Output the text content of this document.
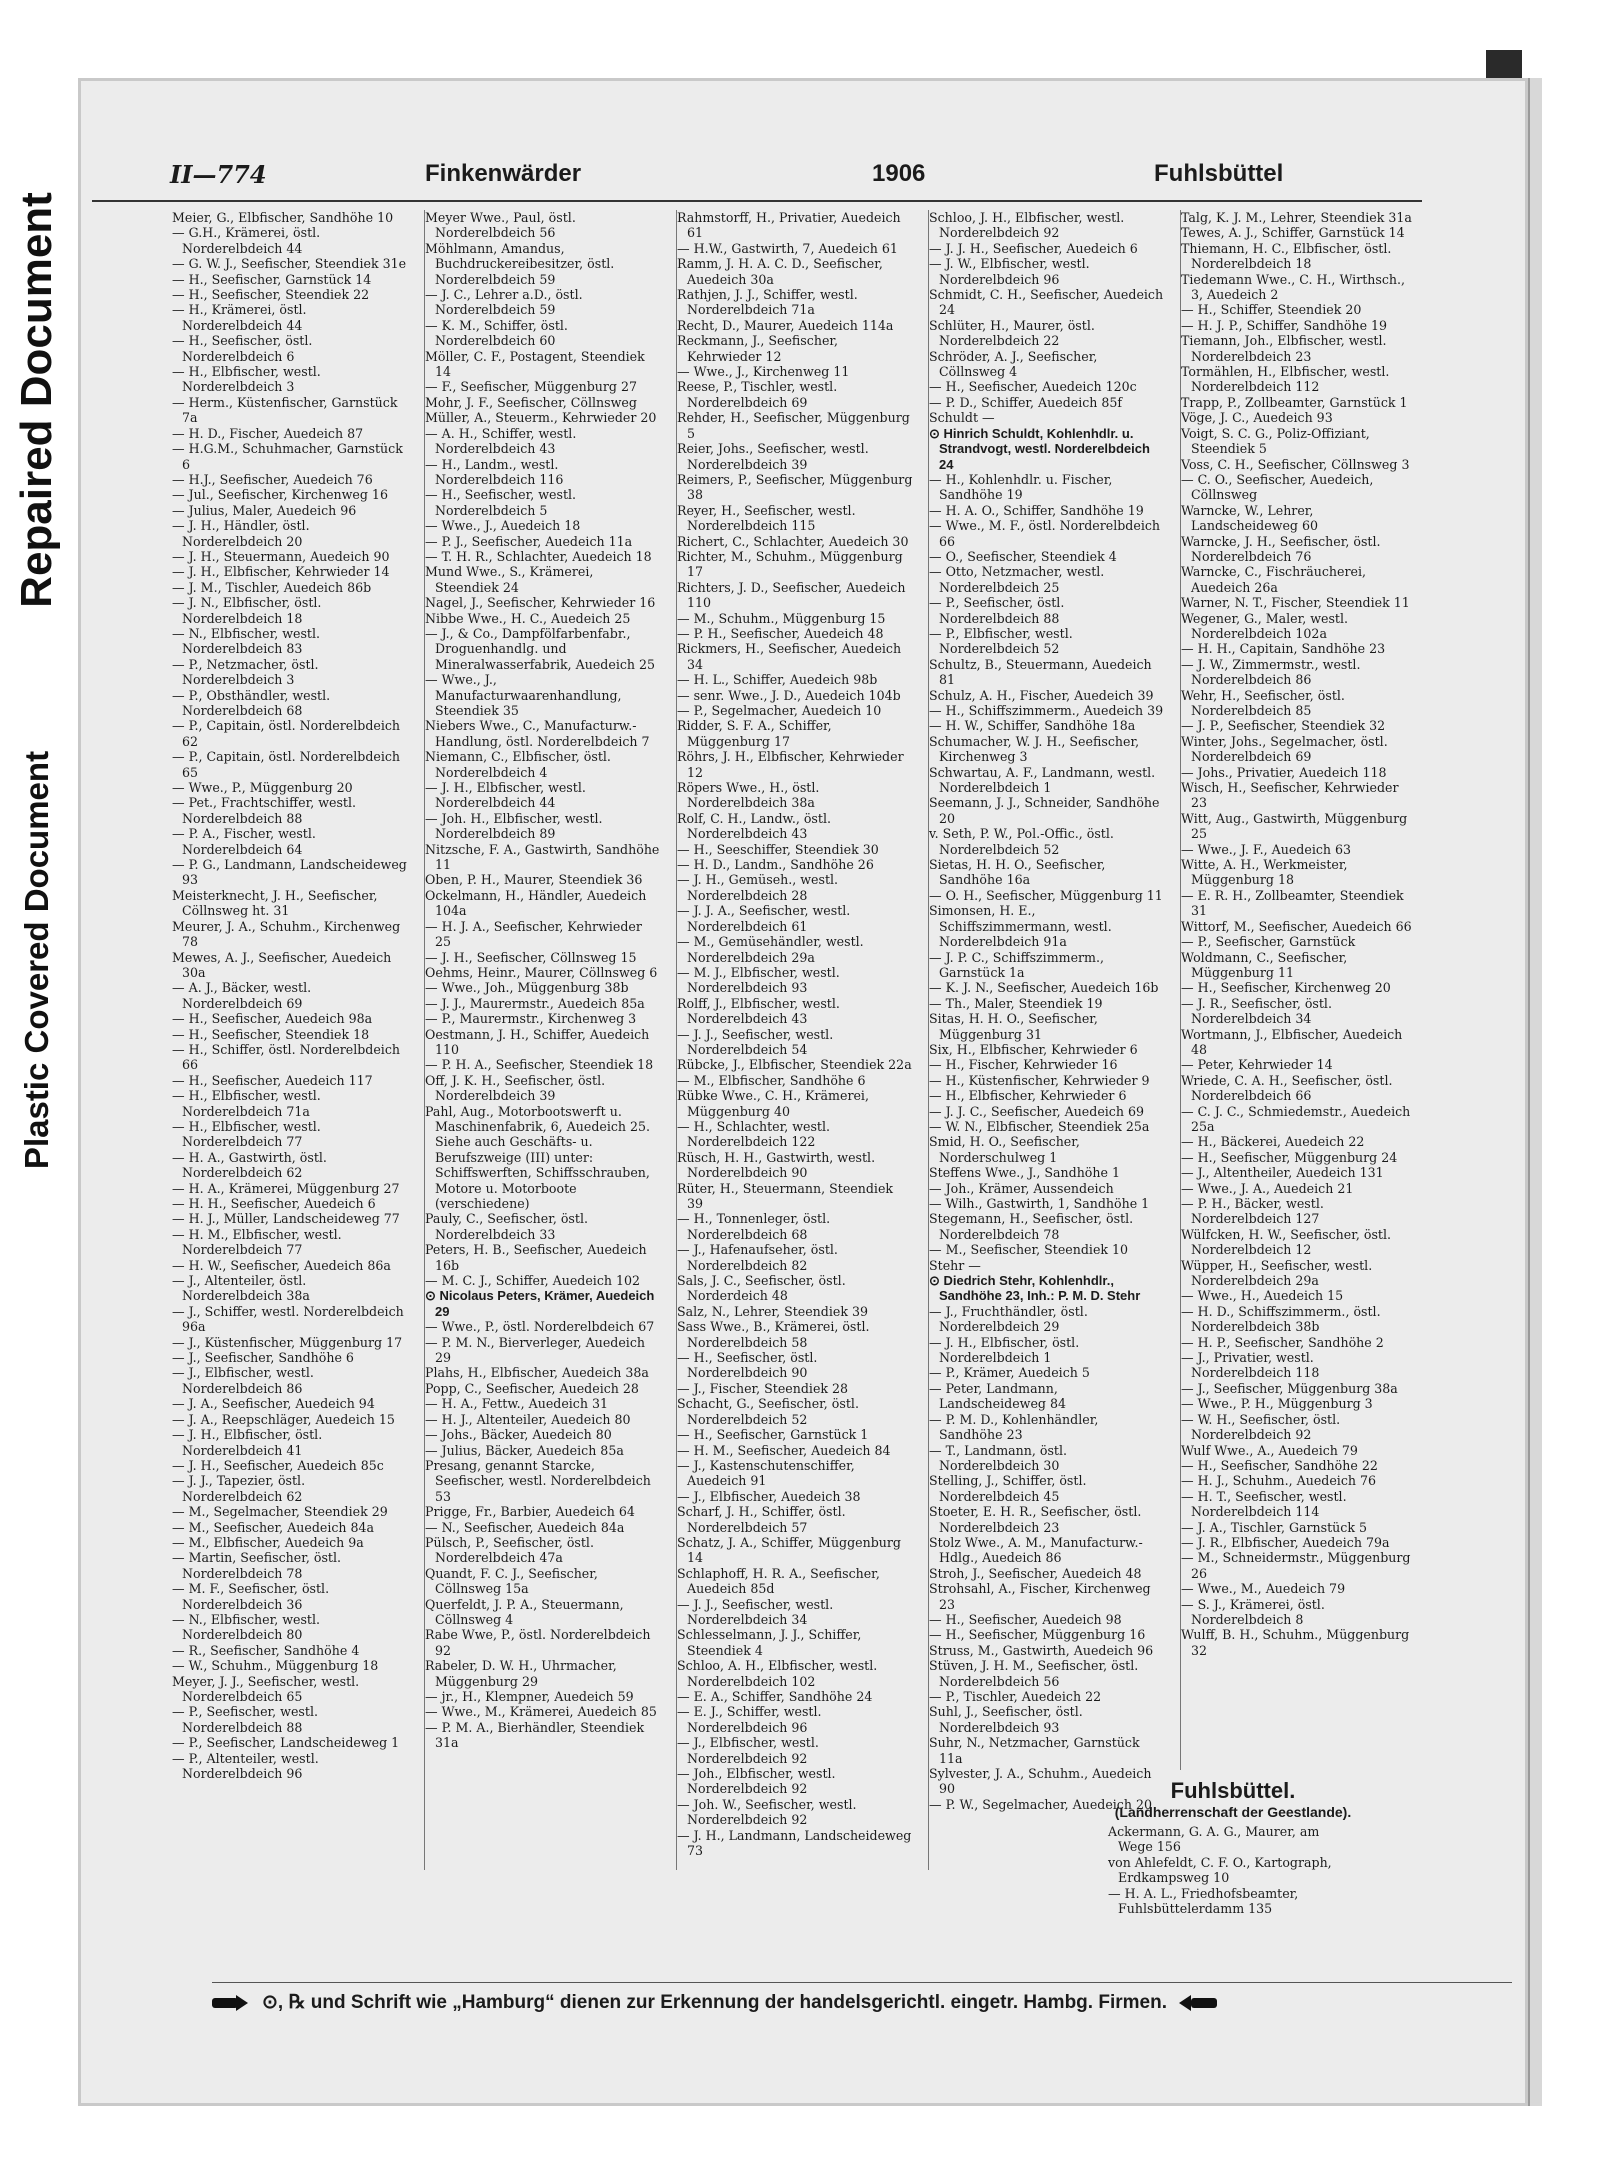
Repaired Document
Plastic Covered Document
II—774	Finkenwärder	1906	Fuhlsbüttel

Meier, G., Elbfischer, Sandhöhe 10

— G.H., Krämerei, östl. Norderelbdeich 44

— G. W. J., Seefischer, Steendiek 31e

— H., Seefischer, Garnstück 14

— H., Seefischer, Steendiek 22

— H., Krämerei, östl. Norderelbdeich 44

— H., Seefischer, östl. Norderelbdeich 6

— H., Elbfischer, westl. Norderelbdeich 3

— Herm., Küstenfischer, Garnstück 7a

— H. D., Fischer, Auedeich 87

— H.G.M., Schuhmacher, Garnstück 6

— H.J., Seefischer, Auedeich 76

— Jul., Seefischer, Kirchenweg 16

— Julius, Maler, Auedeich 96

— J. H., Händler, östl. Norderelbdeich 20

— J. H., Steuermann, Auedeich 90

— J. H., Elbfischer, Kehrwieder 14

— J. M., Tischler, Auedeich 86b

— J. N., Elbfischer, östl. Norderelbdeich 18

— N., Elbfischer, westl. Norderelbdeich 83

— P., Netzmacher, östl. Norderelbdeich 3

— P., Obsthändler, westl. Norderelbdeich 68

— P., Capitain, östl. Norderelbdeich 62

— P., Capitain, östl. Norderelbdeich 65

— Wwe., P., Müggenburg 20

— Pet., Frachtschiffer, westl. Norderelbdeich 88

— P. A., Fischer, westl. Norderelbdeich 64

— P. G., Landmann, Landscheideweg 93

Meisterknecht, J. H., Seefischer, Cöllnsweg ht. 31

Meurer, J. A., Schuhm., Kirchenweg 78

Mewes, A. J., Seefischer, Auedeich 30a

— A. J., Bäcker, westl. Norderelbdeich 69

— H., Seefischer, Auedeich 98a

— H., Seefischer, Steendiek 18

— H., Schiffer, östl. Norderelbdeich 66

— H., Seefischer, Auedeich 117

— H., Elbfischer, westl. Norderelbdeich 71a

— H., Elbfischer, westl. Norderelbdeich 77

— H. A., Gastwirth, östl. Norderelbdeich 62

— H. A., Krämerei, Müggenburg 27

— H. H., Seefischer, Auedeich 6

— H. J., Müller, Landscheideweg 77

— H. M., Elbfischer, westl. Norderelbdeich 77

— H. W., Seefischer, Auedeich 86a

— J., Altenteiler, östl. Norderelbdeich 38a

— J., Schiffer, westl. Norderelbdeich 96a

— J., Küstenfischer, Müggenburg 17

— J., Seefischer, Sandhöhe 6

— J., Elbfischer, westl. Norderelbdeich 86

— J. A., Seefischer, Auedeich 94

— J. A., Reepschläger, Auedeich 15

— J. H., Elbfischer, östl. Norderelbdeich 41

— J. H., Seefischer, Auedeich 85c

— J. J., Tapezier, östl. Norderelbdeich 62

— M., Segelmacher, Steendiek 29

— M., Seefischer, Auedeich 84a

— M., Elbfischer, Auedeich 9a

— Martin, Seefischer, östl. Norderelbdeich 78

— M. F., Seefischer, östl. Norderelbdeich 36

— N., Elbfischer, westl. Norderelbdeich 80

— R., Seefischer, Sandhöhe 4

— W., Schuhm., Müggenburg 18

Meyer, J. J., Seefischer, westl. Norderelbdeich 65

— P., Seefischer, westl. Norderelbdeich 88

— P., Seefischer, Landscheideweg 1

— P., Altenteiler, westl. Norderelbdeich 96

Meyer Wwe., Paul, östl. Norderelbdeich 56

Möhlmann, Amandus, Buchdruckereibesitzer, östl. Norderelbdeich 59

— J. C., Lehrer a.D., östl. Norderelbdeich 59

— K. M., Schiffer, östl. Norderelbdeich 60

Möller, C. F., Postagent, Steendiek 14

— F., Seefischer, Müggenburg 27

Mohr, J. F., Seefischer, Cöllnsweg

Müller, A., Steuerm., Kehrwieder 20

— A. H., Schiffer, westl. Norderelbdeich 43

— H., Landm., westl. Norderelbdeich 116

— H., Seefischer, westl. Norderelbdeich 5

— Wwe., J., Auedeich 18

— P. J., Seefischer, Auedeich 11a

— T. H. R., Schlachter, Auedeich 18

Mund Wwe., S., Krämerei, Steendiek 24

Nagel, J., Seefischer, Kehrwieder 16

Nibbe Wwe., H. C., Auedeich 25

— J., & Co., Dampfölfarbenfabr., Droguenhandlg. und Mineralwasserfabrik, Auedeich 25

— Wwe., J., Manufacturwaarenhandlung, Steendiek 35

Niebers Wwe., C., Manufacturw.-Handlung, östl. Norderelbdeich 7

Niemann, C., Elbfischer, östl. Norderelbdeich 4

— J. H., Elbfischer, westl. Norderelbdeich 44

— Joh. H., Elbfischer, westl. Norderelbdeich 89

Nitzsche, F. A., Gastwirth, Sandhöhe 11

Oben, P. H., Maurer, Steendiek 36

Ockelmann, H., Händler, Auedeich 104a

— H. J. A., Seefischer, Kehrwieder 25

— J. H., Seefischer, Cöllnsweg 15

Oehms, Heinr., Maurer, Cöllnsweg 6

— Wwe., Joh., Müggenburg 38b

— J. J., Maurermstr., Auedeich 85a

— P., Maurermstr., Kirchenweg 3

Oestmann, J. H., Schiffer, Auedeich 110

— P. H. A., Seefischer, Steendiek 18

Off, J. K. H., Seefischer, östl. Norderelbdeich 39

Pahl, Aug., Motorbootswerft u. Maschinenfabrik, 6, Auedeich 25. Siehe auch Geschäfts- u. Berufszweige (III) unter: Schiffswerften, Schiffsschrauben, Motore u. Motorboote (verschiedene)

Pauly, C., Seefischer, östl. Norderelbdeich 33

Peters, H. B., Seefischer, Auedeich 16b

— M. C. J., Schiffer, Auedeich 102

⊙ Nicolaus Peters, Krämer, Auedeich 29

— Wwe., P., östl. Norderelbdeich 67

— P. M. N., Bierverleger, Auedeich 29

Plahs, H., Elbfischer, Auedeich 38a

Popp, C., Seefischer, Auedeich 28

— H. A., Fettw., Auedeich 31

— H. J., Altenteiler, Auedeich 80

— Johs., Bäcker, Auedeich 80

— Julius, Bäcker, Auedeich 85a

Presang, genannt Starcke, Seefischer, westl. Norderelbdeich 53

Prigge, Fr., Barbier, Auedeich 64

— N., Seefischer, Auedeich 84a

Pülsch, P., Seefischer, östl. Norderelbdeich 47a

Quandt, F. C. J., Seefischer, Cöllnsweg 15a

Querfeldt, J. P. A., Steuermann, Cöllnsweg 4

Rabe Wwe, P., östl. Norderelbdeich 92

Rabeler, D. W. H., Uhrmacher, Müggenburg 29

— jr., H., Klempner, Auedeich 59

— Wwe., M., Krämerei, Auedeich 85

— P. M. A., Bierhändler, Steendiek 31a

Rahmstorff, H., Privatier, Auedeich 61

— H.W., Gastwirth, 7, Auedeich 61

Ramm, J. H. A. C. D., Seefischer, Auedeich 30a

Rathjen, J. J., Schiffer, westl. Norderelbdeich 71a

Recht, D., Maurer, Auedeich 114a

Reckmann, J., Seefischer, Kehrwieder 12

— Wwe., J., Kirchenweg 11

Reese, P., Tischler, westl. Norderelbdeich 69

Rehder, H., Seefischer, Müggenburg 5

Reier, Johs., Seefischer, westl. Norderelbdeich 39

Reimers, P., Seefischer, Müggenburg 38

Reyer, H., Seefischer, westl. Norderelbdeich 115

Richert, C., Schlachter, Auedeich 30

Richter, M., Schuhm., Müggenburg 17

Richters, J. D., Seefischer, Auedeich 110

— M., Schuhm., Müggenburg 15

— P. H., Seefischer, Auedeich 48

Rickmers, H., Seefischer, Auedeich 34

— H. L., Schiffer, Auedeich 98b

— senr. Wwe., J. D., Auedeich 104b

— P., Segelmacher, Auedeich 10

Ridder, S. F. A., Schiffer, Müggenburg 17

Röhrs, J. H., Elbfischer, Kehrwieder 12

Röpers Wwe., H., östl. Norderelbdeich 38a

Rolf, C. H., Landw., östl. Norderelbdeich 43

— H., Seeschiffer, Steendiek 30

— H. D., Landm., Sandhöhe 26

— J. H., Gemüseh., westl. Norderelbdeich 28

— J. J. A., Seefischer, westl. Norderelbdeich 61

— M., Gemüsehändler, westl. Norderelbdeich 29a

— M. J., Elbfischer, westl. Norderelbdeich 93

Rolff, J., Elbfischer, westl. Norderelbdeich 43

— J. J., Seefischer, westl. Norderelbdeich 54

Rübcke, J., Elbfischer, Steendiek 22a

— M., Elbfischer, Sandhöhe 6

Rübke Wwe., C. H., Krämerei, Müggenburg 40

— H., Schlachter, westl. Norderelbdeich 122

Rüsch, H. H., Gastwirth, westl. Norderelbdeich 90

Rüter, H., Steuermann, Steendiek 39

— H., Tonnenleger, östl. Norderelbdeich 68

— J., Hafenaufseher, östl. Norderelbdeich 82

Sals, J. C., Seefischer, östl. Norderdeich 48

Salz, N., Lehrer, Steendiek 39

Sass Wwe., B., Krämerei, östl. Norderelbdeich 58

— H., Seefischer, östl. Norderelbdeich 90

— J., Fischer, Steendiek 28

Schacht, G., Seefischer, östl. Norderelbdeich 52

— H., Seefischer, Garnstück 1

— H. M., Seefischer, Auedeich 84

— J., Kastenschutenschiffer, Auedeich 91

— J., Elbfischer, Auedeich 38

Scharf, J. H., Schiffer, östl. Norderelbdeich 57

Schatz, J. A., Schiffer, Müggenburg 14

Schlaphoff, H. R. A., Seefischer, Auedeich 85d

— J. J., Seefischer, westl. Norderelbdeich 34

Schlesselmann, J. J., Schiffer, Steendiek 4

Schloo, A. H., Elbfischer, westl. Norderelbdeich 102

— E. A., Schiffer, Sandhöhe 24

— E. J., Schiffer, westl. Norderelbdeich 96

— J., Elbfischer, westl. Norderelbdeich 92

— Joh., Elbfischer, westl. Norderelbdeich 92

— Joh. W., Seefischer, westl. Norderelbdeich 92

— J. H., Landmann, Landscheideweg 73

Schloo, J. H., Elbfischer, westl. Norderelbdeich 92

— J. J. H., Seefischer, Auedeich 6

— J. W., Elbfischer, westl. Norderelbdeich 96

Schmidt, C. H., Seefischer, Auedeich 24

Schlüter, H., Maurer, östl. Norderelbdeich 22

Schröder, A. J., Seefischer, Cöllnsweg 4

— H., Seefischer, Auedeich 120c

— P. D., Schiffer, Auedeich 85f

Schuldt —

⊙ Hinrich Schuldt, Kohlenhdlr. u. Strandvogt, westl. Norderelbdeich 24

— H., Kohlenhdlr. u. Fischer, Sandhöhe 19

— H. A. O., Schiffer, Sandhöhe 19

— Wwe., M. F., östl. Norderelbdeich 66

— O., Seefischer, Steendiek 4

— Otto, Netzmacher, westl. Norderelbdeich 25

— P., Seefischer, östl. Norderelbdeich 88

— P., Elbfischer, westl. Norderelbdeich 52

Schultz, B., Steuermann, Auedeich 81

Schulz, A. H., Fischer, Auedeich 39

— H., Schiffszimmerm., Auedeich 39

— H. W., Schiffer, Sandhöhe 18a

Schumacher, W. J. H., Seefischer, Kirchenweg 3

Schwartau, A. F., Landmann, westl. Norderelbdeich 1

Seemann, J. J., Schneider, Sandhöhe 20

v. Seth, P. W., Pol.-Offic., östl. Norderelbdeich 52

Sietas, H. H. O., Seefischer, Sandhöhe 16a

— O. H., Seefischer, Müggenburg 11

Simonsen, H. E., Schiffszimmermann, westl. Norderelbdeich 91a

— J. P. C., Schiffszimmerm., Garnstück 1a

— K. J. N., Seefischer, Auedeich 16b

— Th., Maler, Steendiek 19

Sitas, H. H. O., Seefischer, Müggenburg 31

Six, H., Elbfischer, Kehrwieder 6

— H., Fischer, Kehrwieder 16

— H., Küstenfischer, Kehrwieder 9

— H., Elbfischer, Kehrwieder 6

— J. J. C., Seefischer, Auedeich 69

— W. N., Elbfischer, Steendiek 25a

Smid, H. O., Seefischer, Norderschulweg 1

Steffens Wwe., J., Sandhöhe 1

— Joh., Krämer, Aussendeich

— Wilh., Gastwirth, 1, Sandhöhe 1

Stegemann, H., Seefischer, östl. Norderelbdeich 78

— M., Seefischer, Steendiek 10

Stehr —

⊙ Diedrich Stehr, Kohlenhdlr., Sandhöhe 23, Inh.: P. M. D. Stehr

— J., Fruchthändler, östl. Norderelbdeich 29

— J. H., Elbfischer, östl. Norderelbdeich 1

— P., Krämer, Auedeich 5

— Peter, Landmann, Landscheideweg 84

— P. M. D., Kohlenhändler, Sandhöhe 23

— T., Landmann, östl. Norderelbdeich 30

Stelling, J., Schiffer, östl. Norderelbdeich 45

Stoeter, E. H. R., Seefischer, östl. Norderelbdeich 23

Stolz Wwe., A. M., Manufacturw.-Hdlg., Auedeich 86

Stroh, J., Seefischer, Auedeich 48

Strohsahl, A., Fischer, Kirchenweg 23

— H., Seefischer, Auedeich 98

— H., Seefischer, Müggenburg 16

Struss, M., Gastwirth, Auedeich 96

Stüven, J. H. M., Seefischer, östl. Norderelbdeich 56

— P., Tischler, Auedeich 22

Suhl, J., Seefischer, östl. Norderelbdeich 93

Suhr, N., Netzmacher, Garnstück 11a

Sylvester, J. A., Schuhm., Auedeich 90

— P. W., Segelmacher, Auedeich 20

Talg, K. J. M., Lehrer, Steendiek 31a

Tewes, A. J., Schiffer, Garnstück 14

Thiemann, H. C., Elbfischer, östl. Norderelbdeich 18

Tiedemann Wwe., C. H., Wirthsch., 3, Auedeich 2

— H., Schiffer, Steendiek 20

— H. J. P., Schiffer, Sandhöhe 19

Tiemann, Joh., Elbfischer, westl. Norderelbdeich 23

Tormählen, H., Elbfischer, westl. Norderelbdeich 112

Trapp, P., Zollbeamter, Garnstück 1

Vöge, J. C., Auedeich 93

Voigt, S. C. G., Poliz-Offiziant, Steendiek 5

Voss, C. H., Seefischer, Cöllnsweg 3

— C. O., Seefischer, Auedeich, Cöllnsweg

Warncke, W., Lehrer, Landscheideweg 60

Warncke, J. H., Seefischer, östl. Norderelbdeich 76

Warncke, C., Fischräucherei, Auedeich 26a

Warner, N. T., Fischer, Steendiek 11

Wegener, G., Maler, westl. Norderelbdeich 102a

— H. H., Capitain, Sandhöhe 23

— J. W., Zimmermstr., westl. Norderelbdeich 86

Wehr, H., Seefischer, östl. Norderelbdeich 85

— J. P., Seefischer, Steendiek 32

Winter, Johs., Segelmacher, östl. Norderelbdeich 69

— Johs., Privatier, Auedeich 118

Wisch, H., Seefischer, Kehrwieder 23

Witt, Aug., Gastwirth, Müggenburg 25

— Wwe., J. F., Auedeich 63

Witte, A. H., Werkmeister, Müggenburg 18

— E. R. H., Zollbeamter, Steendiek 31

Wittorf, M., Seefischer, Auedeich 66

— P., Seefischer, Garnstück

Woldmann, C., Seefischer, Müggenburg 11

— H., Seefischer, Kirchenweg 20

— J. R., Seefischer, östl. Norderelbdeich 34

Wortmann, J., Elbfischer, Auedeich 48

— Peter, Kehrwieder 14

Wriede, C. A. H., Seefischer, östl. Norderelbdeich 66

— C. J. C., Schmiedemstr., Auedeich 25a

— H., Bäckerei, Auedeich 22

— H., Seefischer, Müggenburg 24

— J., Altentheiler, Auedeich 131

— Wwe., J. A., Auedeich 21

— P. H., Bäcker, westl. Norderelbdeich 127

Wülfcken, H. W., Seefischer, östl. Norderelbdeich 12

Wüpper, H., Seefischer, westl. Norderelbdeich 29a

— Wwe., H., Auedeich 15

— H. D., Schiffszimmerm., östl. Norderelbdeich 38b

— H. P., Seefischer, Sandhöhe 2

— J., Privatier, westl. Norderelbdeich 118

— J., Seefischer, Müggenburg 38a

— Wwe., P. H., Müggenburg 3

— W. H., Seefischer, östl. Norderelbdeich 92

Wulf Wwe., A., Auedeich 79

— H., Seefischer, Sandhöhe 22

— H. J., Schuhm., Auedeich 76

— H. T., Seefischer, westl. Norderelbdeich 114

— J. A., Tischler, Garnstück 5

— J. R., Elbfischer, Auedeich 79a

— M., Schneidermstr., Müggenburg 26

— Wwe., M., Auedeich 79

— S. J., Krämerei, östl. Norderelbdeich 8

Wulff, B. H., Schuhm., Müggenburg 32

Fuhlsbüttel.
(Landherrenschaft der Geestlande).

Ackermann, G. A. G., Maurer, am Wege 156

von Ahlefeldt, C. F. O., Kartograph, Erdkampsweg 10

— H. A. L., Friedhofsbeamter, Fuhlsbüttelerdamm 135

⊙, ℞ und Schrift wie „Hamburg“ dienen zur Erkennung der handelsgerichtl. eingetr. Hambg. Firmen.
